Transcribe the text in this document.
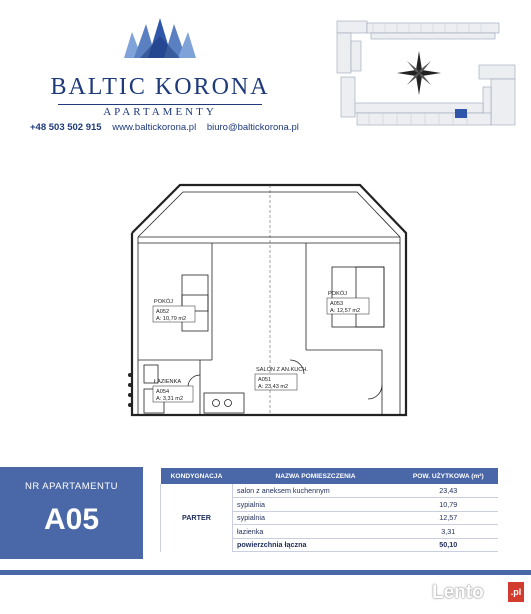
BALTIC KORONA
APARTAMENTY
+48 503 502 915 www.baltickorona.pl biuro@baltickorona.pl
POKÓJ
A052
A: 10,79 m2
POKÓJ
A053
A: 12,57 m2
SALON Z AN.KUCH.
A051
A: 23,43 m2
ŁAZIENKA
A054
A: 3,31 m2
NR APARTAMENTU
A05
KONDYGNACJA	NAZWA POMIESZCZENIA	POW. UŻYTKOWA (m²)
PARTER	salon z aneksem kuchennym	23,43
	sypialnia	10,79
	sypialnia	12,57
	łazienka	3,31
	powierzchnia łączna	50,10
Lento	.pl
